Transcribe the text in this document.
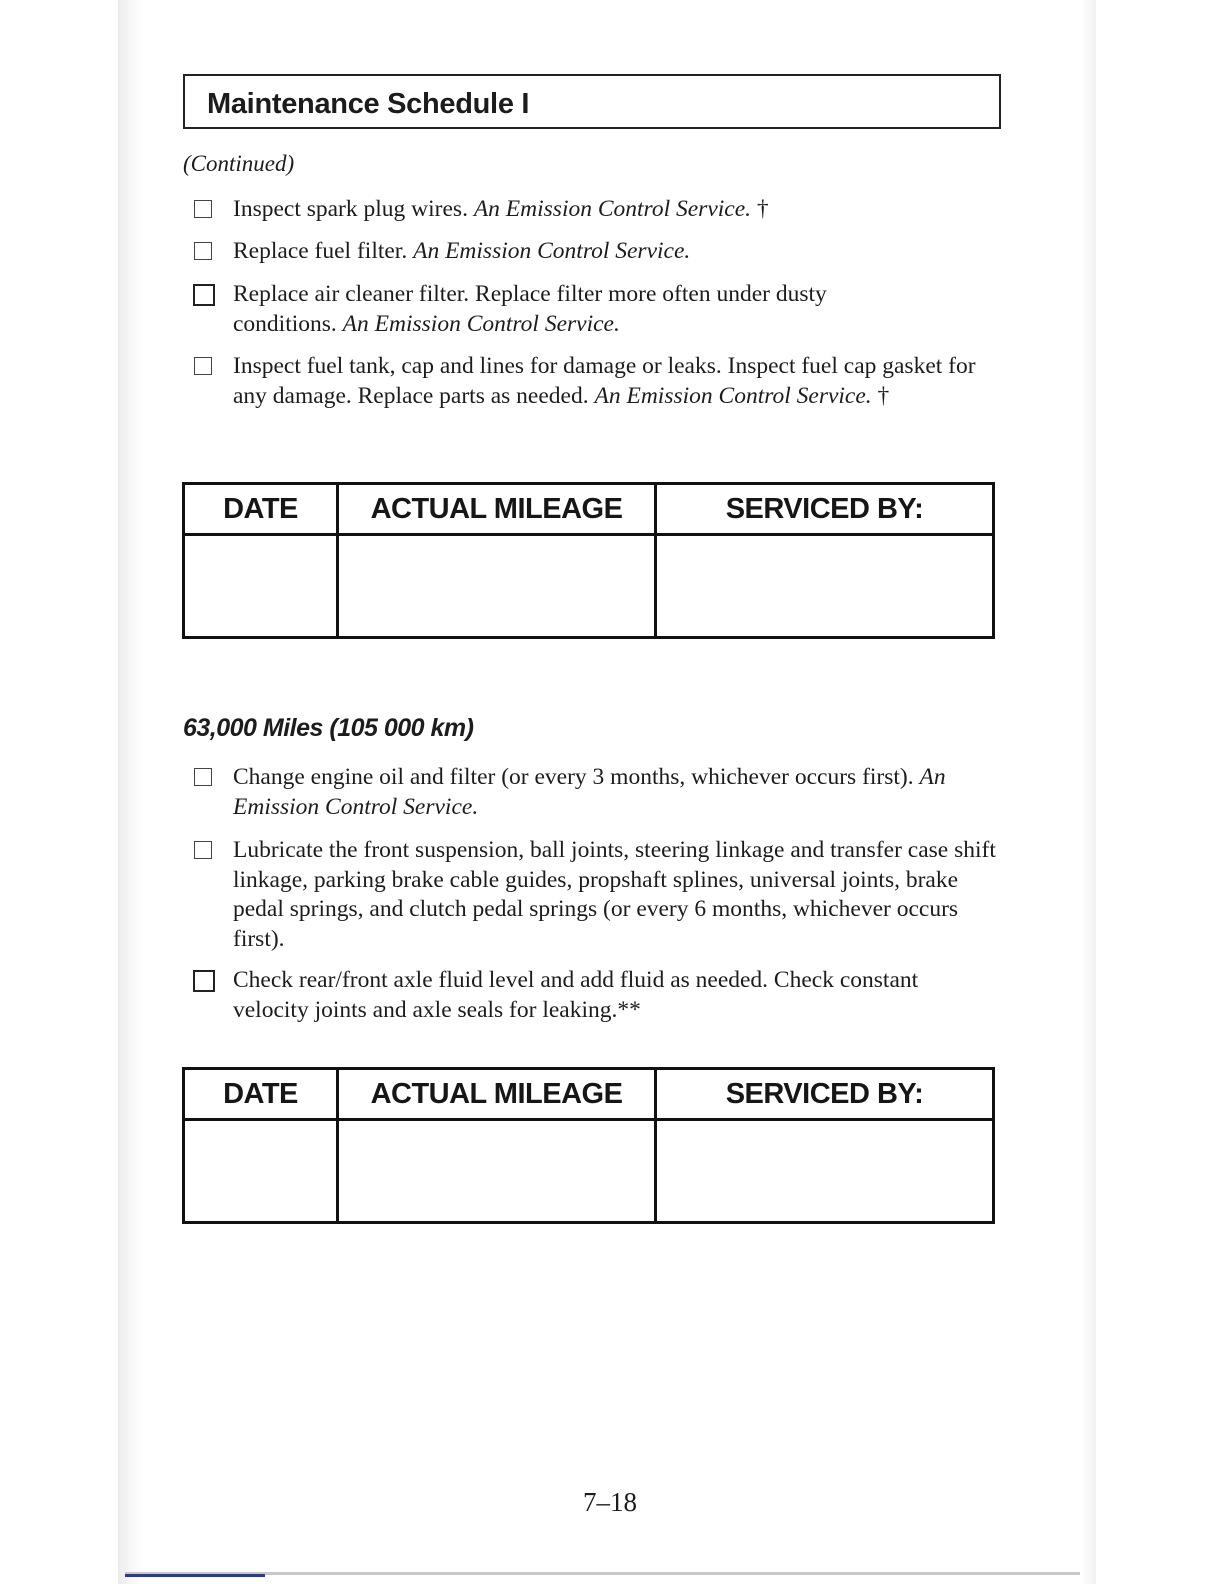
Maintenance Schedule I
(Continued)
Inspect spark plug wires. An Emission Control Service. †
Replace fuel filter. An Emission Control Service.
Replace air cleaner filter. Replace filter more often under dusty conditions. An Emission Control Service.
Inspect fuel tank, cap and lines for damage or leaks. Inspect fuel cap gasket for any damage. Replace parts as needed. An Emission Control Service. †
DATE	ACTUAL MILEAGE	SERVICED BY:

63,000 Miles (105 000 km)
Change engine oil and filter (or every 3 months, whichever occurs first). An Emission Control Service.
Lubricate the front suspension, ball joints, steering linkage and transfer case shift linkage, parking brake cable guides, propshaft splines, universal joints, brake pedal springs, and clutch pedal springs (or every 6 months, whichever occurs first).
Check rear/front axle fluid level and add fluid as needed. Check constant velocity joints and axle seals for leaking.**
DATE	ACTUAL MILEAGE	SERVICED BY:

7–18
